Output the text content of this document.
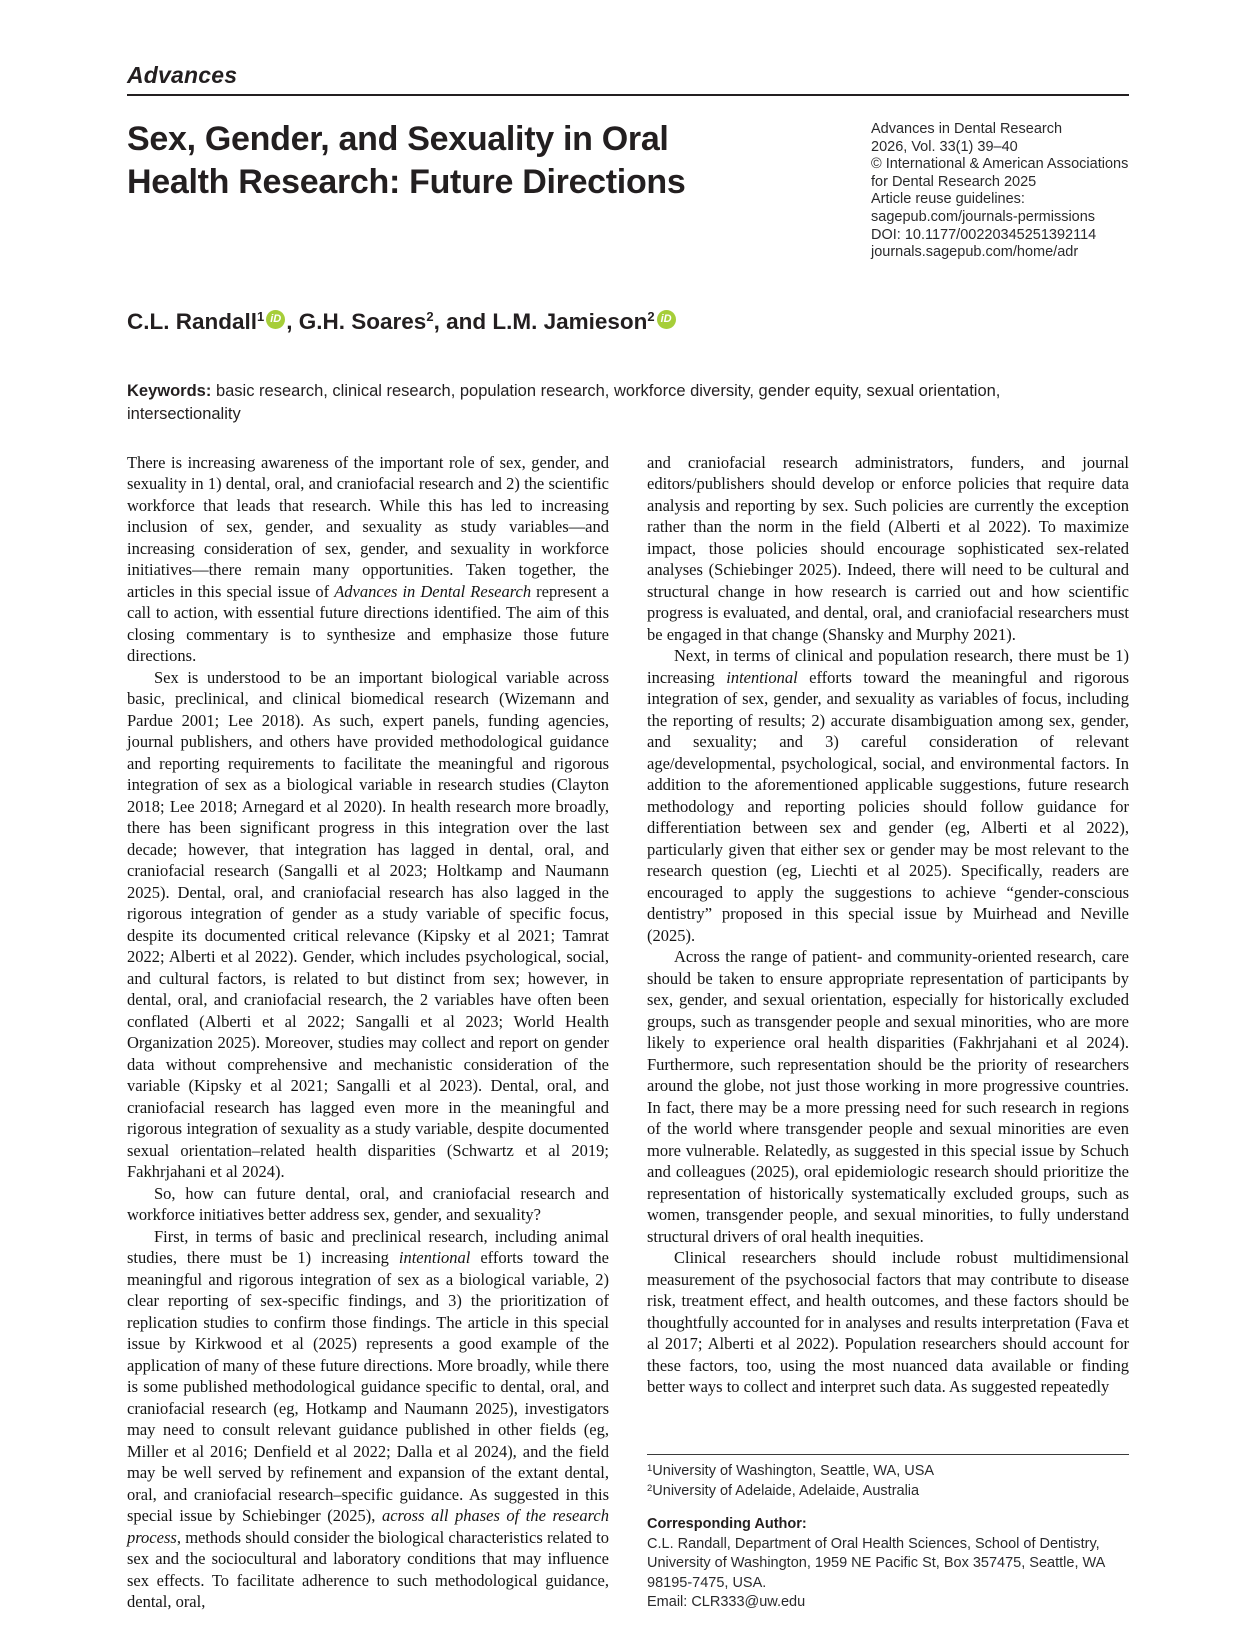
Advances
Sex, Gender, and Sexuality in Oral
Health Research: Future Directions
Advances in Dental Research
2026, Vol. 33(1) 39–40
© International & American Associations
for Dental Research 2025
Article reuse guidelines:
sagepub.com/journals-permissions
DOI: 10.1177/00220345251392114
journals.sagepub.com/home/adr
C.L. Randall$^1$ iD , G.H. Soares$^2$, and L.M. Jamieson$^2$ iD
Keywords: basic research, clinical research, population research, workforce diversity, gender equity, sexual orientation, intersectionality

There is increasing awareness of the important role of sex, gender, and sexuality in 1) dental, oral, and craniofacial research and 2) the scientific workforce that leads that research. While this has led to increasing inclusion of sex, gender, and sexuality as study variables—and increasing consideration of sex, gender, and sexuality in workforce initiatives—there remain many opportunities. Taken together, the articles in this special issue of Advances in Dental Research represent a call to action, with essential future directions identified. The aim of this closing commentary is to synthesize and emphasize those future directions.

Sex is understood to be an important biological variable across basic, preclinical, and clinical biomedical research (Wizemann and Pardue 2001; Lee 2018). As such, expert panels, funding agencies, journal publishers, and others have provided methodological guidance and reporting requirements to facilitate the meaningful and rigorous integration of sex as a biological variable in research studies (Clayton 2018; Lee 2018; Arnegard et al 2020). In health research more broadly, there has been significant progress in this integration over the last decade; however, that integration has lagged in dental, oral, and craniofacial research (Sangalli et al 2023; Holtkamp and Naumann 2025). Dental, oral, and craniofacial research has also lagged in the rigorous integration of gender as a study variable of specific focus, despite its documented critical relevance (Kipsky et al 2021; Tamrat 2022; Alberti et al 2022). Gender, which includes psychological, social, and cultural factors, is related to but distinct from sex; however, in dental, oral, and craniofacial research, the 2 variables have often been conflated (Alberti et al 2022; Sangalli et al 2023; World Health Organization 2025). Moreover, studies may collect and report on gender data without comprehensive and mechanistic consideration of the variable (Kipsky et al 2021; Sangalli et al 2023). Dental, oral, and craniofacial research has lagged even more in the meaningful and rigorous integration of sexuality as a study variable, despite documented sexual orientation–related health disparities (Schwartz et al 2019; Fakhrjahani et al 2024).

So, how can future dental, oral, and craniofacial research and workforce initiatives better address sex, gender, and sexuality?

First, in terms of basic and preclinical research, including animal studies, there must be 1) increasing intentional efforts toward the meaningful and rigorous integration of sex as a biological variable, 2) clear reporting of sex-specific findings, and 3) the prioritization of replication studies to confirm those findings. The article in this special issue by Kirkwood et al (2025) represents a good example of the application of many of these future directions. More broadly, while there is some published methodological guidance specific to dental, oral, and craniofacial research (eg, Hotkamp and Naumann 2025), investigators may need to consult relevant guidance published in other fields (eg, Miller et al 2016; Denfield et al 2022; Dalla et al 2024), and the field may be well served by refinement and expansion of the extant dental, oral, and craniofacial research–specific guidance. As suggested in this special issue by Schiebinger (2025), across all phases of the research process, methods should consider the biological characteristics related to sex and the sociocultural and laboratory conditions that may influence sex effects. To facilitate adherence to such methodological guidance, dental, oral,

and craniofacial research administrators, funders, and journal editors/publishers should develop or enforce policies that require data analysis and reporting by sex. Such policies are currently the exception rather than the norm in the field (Alberti et al 2022). To maximize impact, those policies should encourage sophisticated sex-related analyses (Schiebinger 2025). Indeed, there will need to be cultural and structural change in how research is carried out and how scientific progress is evaluated, and dental, oral, and craniofacial researchers must be engaged in that change (Shansky and Murphy 2021).

Next, in terms of clinical and population research, there must be 1) increasing intentional efforts toward the meaningful and rigorous integration of sex, gender, and sexuality as variables of focus, including the reporting of results; 2) accurate disambiguation among sex, gender, and sexuality; and 3) careful consideration of relevant age/developmental, psychological, social, and environmental factors. In addition to the aforementioned applicable suggestions, future research methodology and reporting policies should follow guidance for differentiation between sex and gender (eg, Alberti et al 2022), particularly given that either sex or gender may be most relevant to the research question (eg, Liechti et al 2025). Specifically, readers are encouraged to apply the suggestions to achieve “gender-conscious dentistry” proposed in this special issue by Muirhead and Neville (2025).

Across the range of patient- and community-oriented research, care should be taken to ensure appropriate representation of participants by sex, gender, and sexual orientation, especially for historically excluded groups, such as transgender people and sexual minorities, who are more likely to experience oral health disparities (Fakhrjahani et al 2024). Furthermore, such representation should be the priority of researchers around the globe, not just those working in more progressive countries. In fact, there may be a more pressing need for such research in regions of the world where transgender people and sexual minorities are even more vulnerable. Relatedly, as suggested in this special issue by Schuch and colleagues (2025), oral epidemiologic research should prioritize the representation of historically systematically excluded groups, such as women, transgender people, and sexual minorities, to fully understand structural drivers of oral health inequities.

Clinical researchers should include robust multidimensional measurement of the psychosocial factors that may contribute to disease risk, treatment effect, and health outcomes, and these factors should be thoughtfully accounted for in analyses and results interpretation (Fava et al 2017; Alberti et al 2022). Population researchers should account for these factors, too, using the most nuanced data available or finding better ways to collect and interpret such data. As suggested repeatedly

$^1$University of Washington, Seattle, WA, USA
$^2$University of Adelaide, Adelaide, Australia
Corresponding Author:
C.L. Randall, Department of Oral Health Sciences, School of Dentistry, University of Washington, 1959 NE Pacific St, Box 357475, Seattle, WA 98195-7475, USA.
Email: CLR333@uw.edu
